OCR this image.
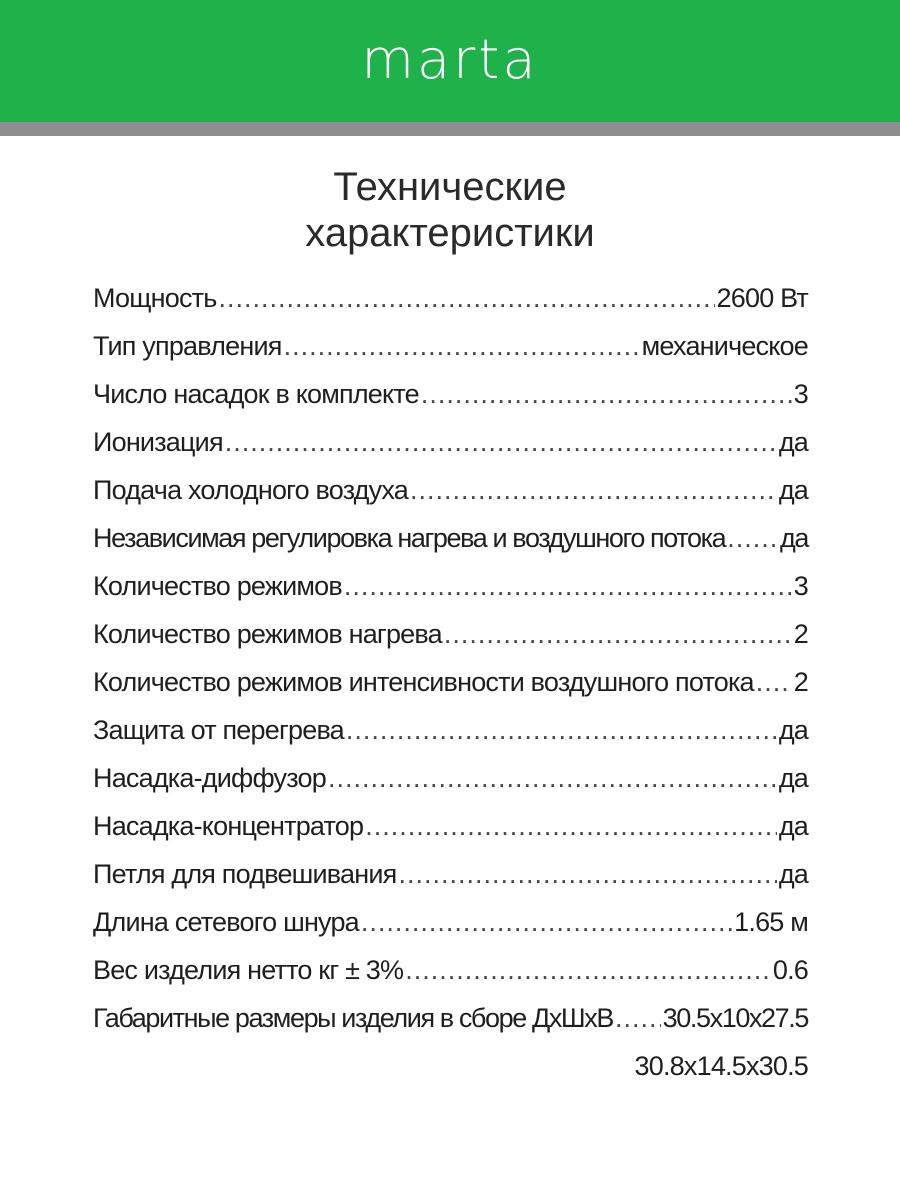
marta
Технические
характеристики
Мощность .....	2600 Вт
Тип управления .....	механическое
Число насадок в комплекте .....	3
Ионизация .....	да
Подача холодного воздуха .....	да
Независимая регулировка нагрева и воздушного потока ..... да
Количество режимов .....	3
Количество режимов нагрева .....	2
Количество режимов интенсивности воздушного потока ..... 2
Защита от перегрева .....	да
Насадка-диффузор .....	да
Насадка-концентратор .....	да
Петля для подвешивания .....	да
Длина сетевого шнура .....	1.65 м
Вес изделия нетто кг ± 3% .....	0.6
Габаритные размеры изделия в сборе ДхШхВ ..... 30.5x10x27.5
30.8x14.5x30.5
